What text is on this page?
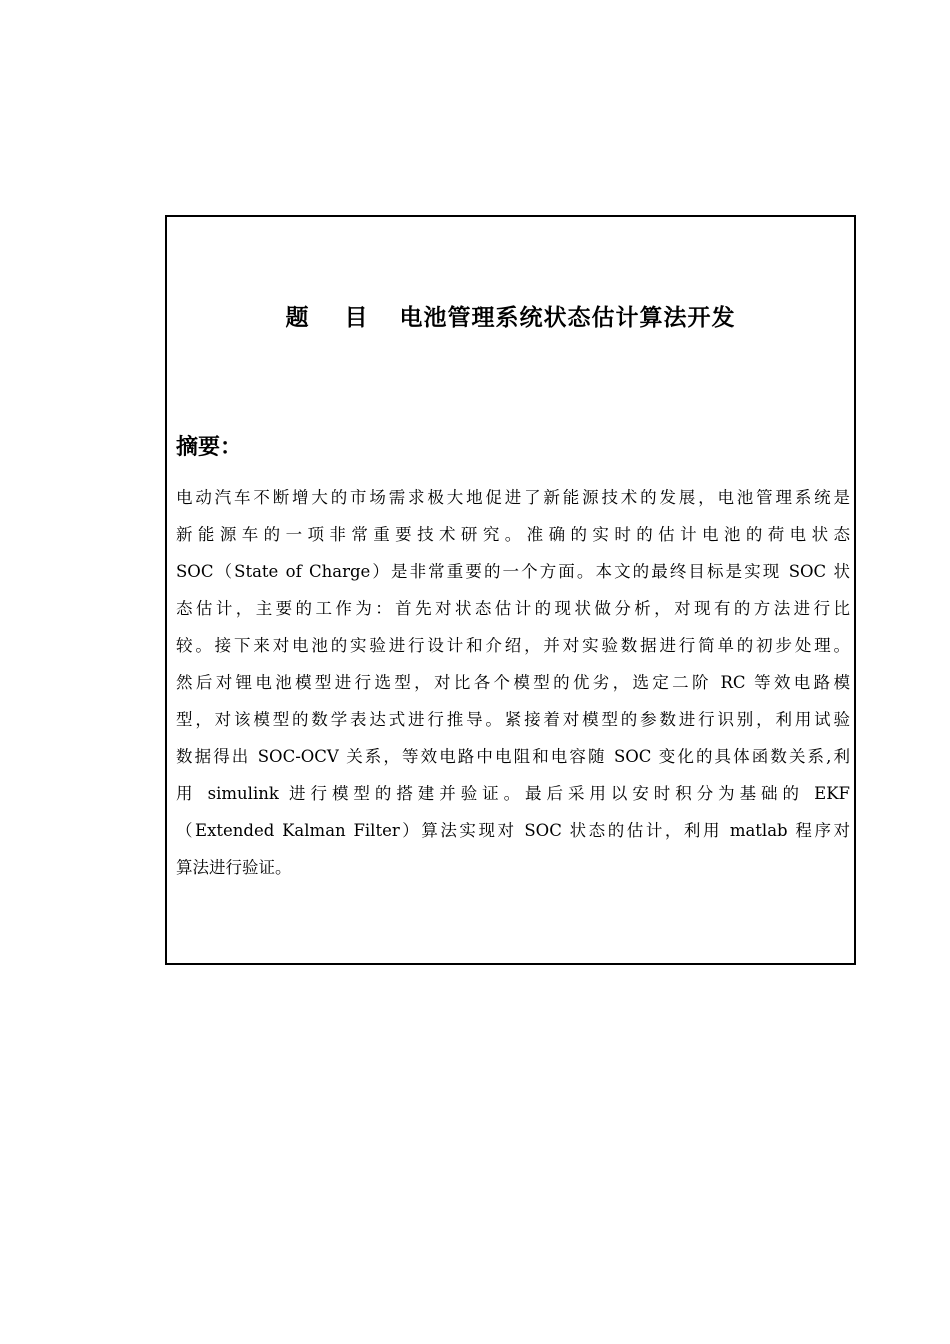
题 目 电池管理系统状态估计算法开发
摘要：
电动汽车不断增大的市场需求极大地促进了新能源技术的发展，电池管理系统是
新能源车的一项非常重要技术研究。准确的实时的估计电池的荷电状态
SOC（State of Charge）是非常重要的一个方面。本文的最终目标是实现 SOC 状
态估计，主要的工作为：首先对状态估计的现状做分析，对现有的方法进行比
较。接下来对电池的实验进行设计和介绍，并对实验数据进行简单的初步处理。
然后对锂电池模型进行选型，对比各个模型的优劣，选定二阶 RC 等效电路模
型，对该模型的数学表达式进行推导。紧接着对模型的参数进行识别，利用试验
数据得出 SOC-OCV 关系，等效电路中电阻和电容随 SOC 变化的具体函数关系,利
用 simulink 进行模型的搭建并验证。最后采用以安时积分为基础的 EKF
（Extended Kalman Filter）算法实现对 SOC 状态的估计，利用 matlab 程序对
算法进行验证。
